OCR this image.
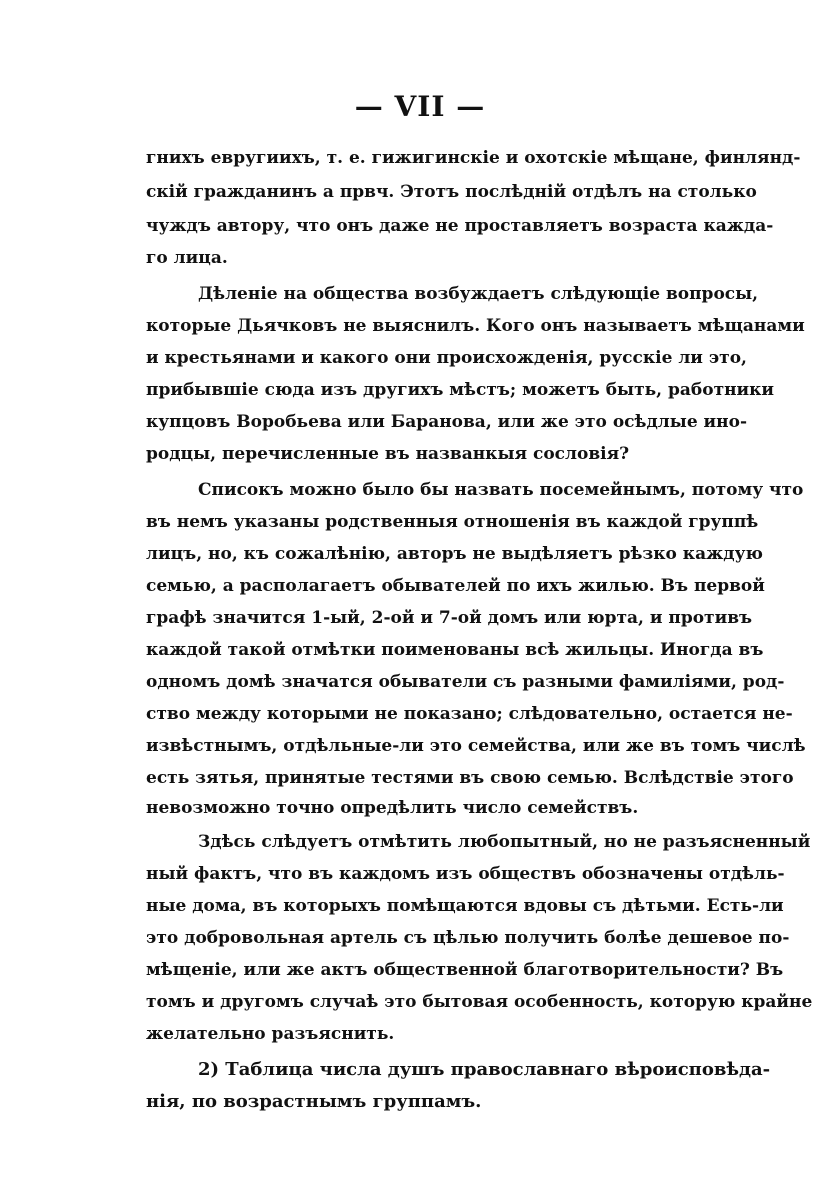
— VII —
гнихъ евругиихъ, т. е. гижигинскіе и охотскіе мѣщане, финлянд-
скій гражданинъ а првч. Этотъ послѣдній отдѣлъ на столько
чуждъ автору, что онъ даже не проставляетъ возраста каждa-
го лица.
Дѣленіе на общества возбуждаетъ слѣдующіе вопросы,
которые Дьячковъ не выяснилъ. Кого онъ называетъ мѣщанами
и крестьянами и какого они происхожденія, русскіе ли это,
прибывшіе сюда изъ другихъ мѣстъ; можетъ быть, работники
купцовъ Воробьева или Баранова, или же это осѣдлые ино-
родцы, перечисленные въ названкыя сословія?
Списокъ можно было бы назвать посемейнымъ, потому что
въ немъ указаны родственныя отношенія въ каждой группѣ
лицъ, но, къ сожалѣнію, авторъ не выдѣляетъ рѣзко каждую
семью, а располагаетъ обывателей по ихъ жилью. Въ первой
графѣ значится 1-ый, 2-ой и 7-ой домъ или юрта, и противъ
каждой такой отмѣтки поименованы всѣ жильцы. Иногда въ
одномъ домѣ значатся обыватели съ разными фамиліями, род-
ство между которыми не показано; слѣдовательно, остается не-
извѣстнымъ, отдѣльные-ли это семейства, или же въ томъ числѣ
есть зятья, принятые тестями въ свою семью. Вслѣдствіе этого
невозможно точно опредѣлить число семействъ.
Здѣсь слѣдуетъ отмѣтить любопытный, но не разъясненный
ный фактъ, что въ каждомъ изъ обществъ обозначены отдѣль-
ные дома, въ которыхъ помѣщаются вдовы съ дѣтьми. Есть-ли
это добровольная артель съ цѣлью получить болѣе дешевое по-
мѣщеніе, или же актъ общественной благотворительности? Въ
томъ и другомъ случаѣ это бытовая особенность, которую крайне
желательно разъяснить.
2) Таблица числа душъ православнаго вѣроисповѣда-
нія, по возрастнымъ группамъ.
